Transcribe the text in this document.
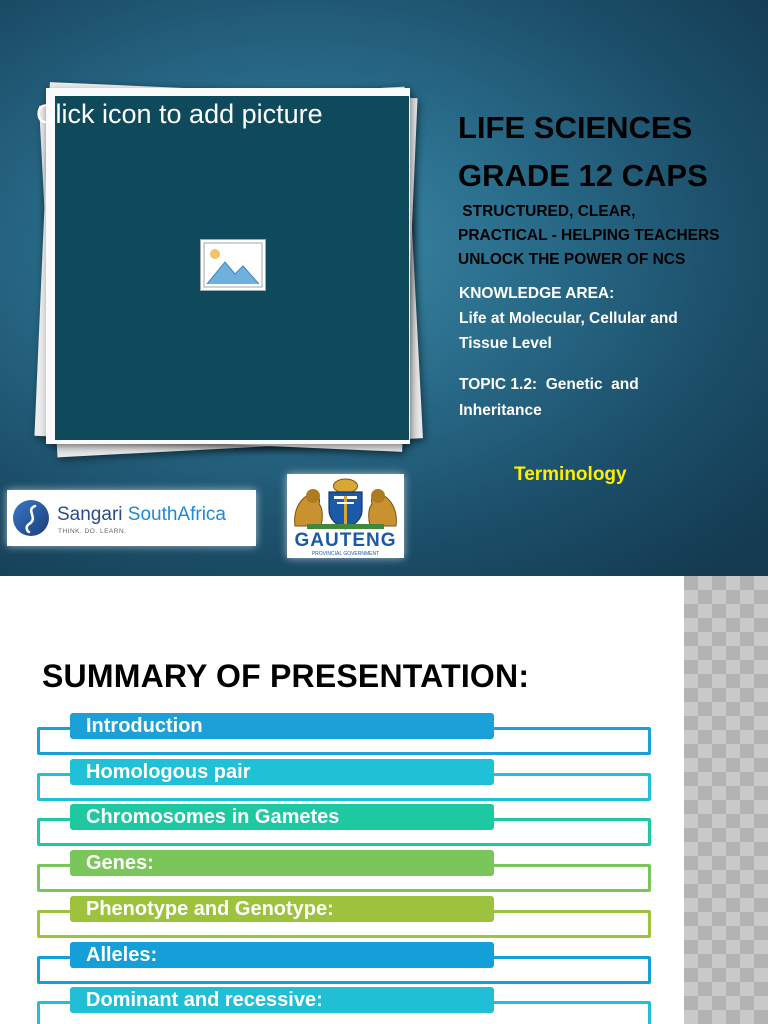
Click icon to add picture	LIFE SCIENCES
GRADE 12 CAPS
STRUCTURED, CLEAR,
PRACTICAL - HELPING TEACHERS
UNLOCK THE POWER OF NCS
KNOWLEDGE AREA:
Life at Molecular, Cellular and
Tissue Level
TOPIC 1.2:  Genetic  and
Inheritance
Terminology
Sangari SouthAfrica
THINK. DO. LEARN.	GAUTENG
PROVINCIAL GOVERNMENT
SUMMARY OF PRESENTATION:
Introduction
Homologous pair
Chromosomes in Gametes
Genes:
Phenotype and Genotype:
Alleles:
Dominant and recessive:
